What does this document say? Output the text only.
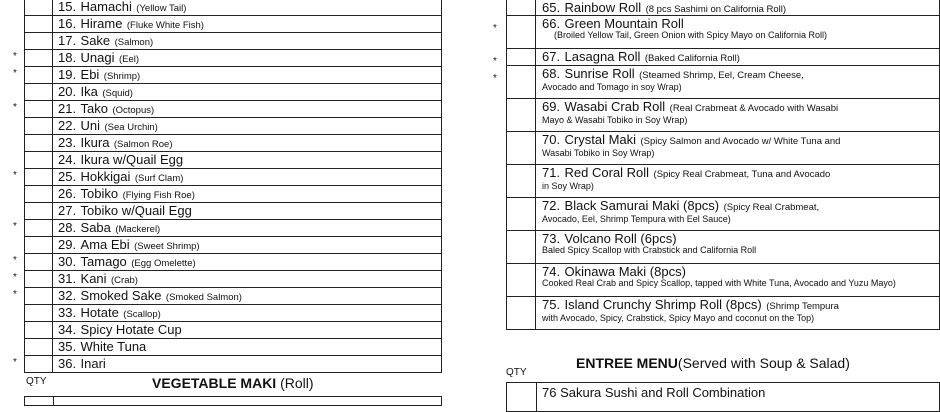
15. Hamachi (Yellow Tail)
16. Hirame (Fluke White Fish)
17. Sake (Salmon)
*	18. Unagi (Eel)
*	19. Ebi (Shrimp)
20. Ika (Squid)
*	21. Tako (Octopus)
22. Uni (Sea Urchin)
23. Ikura (Salmon Roe)
24. Ikura w/Quail Egg
*	25. Hokkigai (Surf Clam)
26. Tobiko (Flying Fish Roe)
27. Tobiko w/Quail Egg
*	28. Saba (Mackerel)
29. Ama Ebi (Sweet Shrimp)
*	30. Tamago (Egg Omelette)
*	31. Kani (Crab)
*	32. Smoked Sake (Smoked Salmon)
33. Hotate (Scallop)
34. Spicy Hotate Cup
35. White Tuna
*	36. Inari
QTY	VEGETABLE MAKI (Roll)
65. Rainbow Roll (8 pcs Sashimi on California Roll)
*	66. Green Mountain Roll
(Broiled Yellow Tail, Green Onion with Spicy Mayo on California Roll)
*	67. Lasagna Roll (Baked California Roll)
*	68. Sunrise Roll (Steamed Shrimp, Eel, Cream Cheese,
Avocado and Tomago in soy Wrap)
69. Wasabi Crab Roll (Real Crabmeat & Avocado with Wasabi
Mayo & Wasabi Tobiko in Soy Wrap)
70. Crystal Maki (Spicy Salmon and Avocado w/ White Tuna and
Wasabi Tobiko in Soy Wrap)
71. Red Coral Roll (Spicy Real Crabmeat, Tuna and Avocado
in Soy Wrap)
72. Black Samurai Maki (8pcs) (Spicy Real Crabmeat,
Avocado, Eel, Shrimp Tempura with Eel Sauce)
73. Volcano Roll (6pcs)
Baled Spicy Scallop with Crabstick and California Roll
74. Okinawa Maki (8pcs)
Cooked Real Crab and Spicy Scallop, tapped with White Tuna, Avocado and Yuzu Mayo)
75. Island Crunchy Shrimp Roll (8pcs) (Shrimp Tempura
with Avocado, Spicy, Crabstick, Spicy Mayo and coconut on the Top)
QTY
ENTREE MENU(Served with Soup & Salad)
76 Sakura Sushi and Roll Combination
